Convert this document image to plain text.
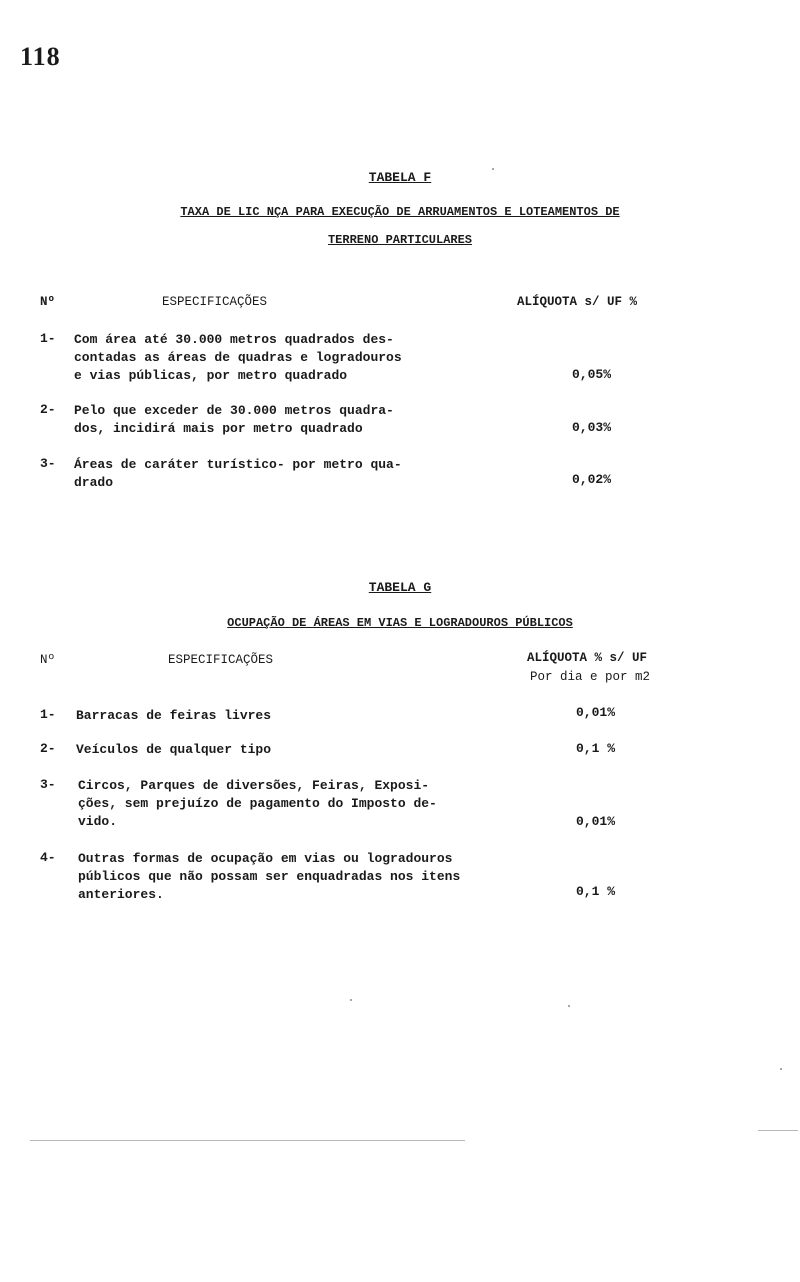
118
TABELA F
TAXA DE LIC NÇA PARA EXECUÇÃO DE ARRUAMENTOS E LOTEAMENTOS DE
TERRENO PARTICULARES
Nº	ESPECIFICAÇÕES	ALÍQUOTA s/ UF %
1- Com área até 30.000 metros quadrados des-
contadas as áreas de quadras e logradouros
e vias públicas, por metro quadrado	0,05%
2- Pelo que exceder de 30.000 metros quadra-
dos, incidirá mais por metro quadrado	0,03%
3- Áreas de caráter turístico- por metro qua-
drado	0,02%
TABELA G
OCUPAÇÃO DE ÁREAS EM VIAS E LOGRADOUROS PÚBLICOS
Nº	ESPECIFICAÇÕES	ALÍQUOTA % s/ UF
Por dia e por m2
1- Barracas de feiras livres	0,01%
2- Veículos de qualquer tipo	0,1 %
3- Circos, Parques de diversões, Feiras, Exposi-
ções, sem prejuízo de pagamento do Imposto de-
vido.	0,01%
4- Outras formas de ocupação em vias ou logradouros
públicos que não possam ser enquadradas nos itens
anteriores.	0,1 %
